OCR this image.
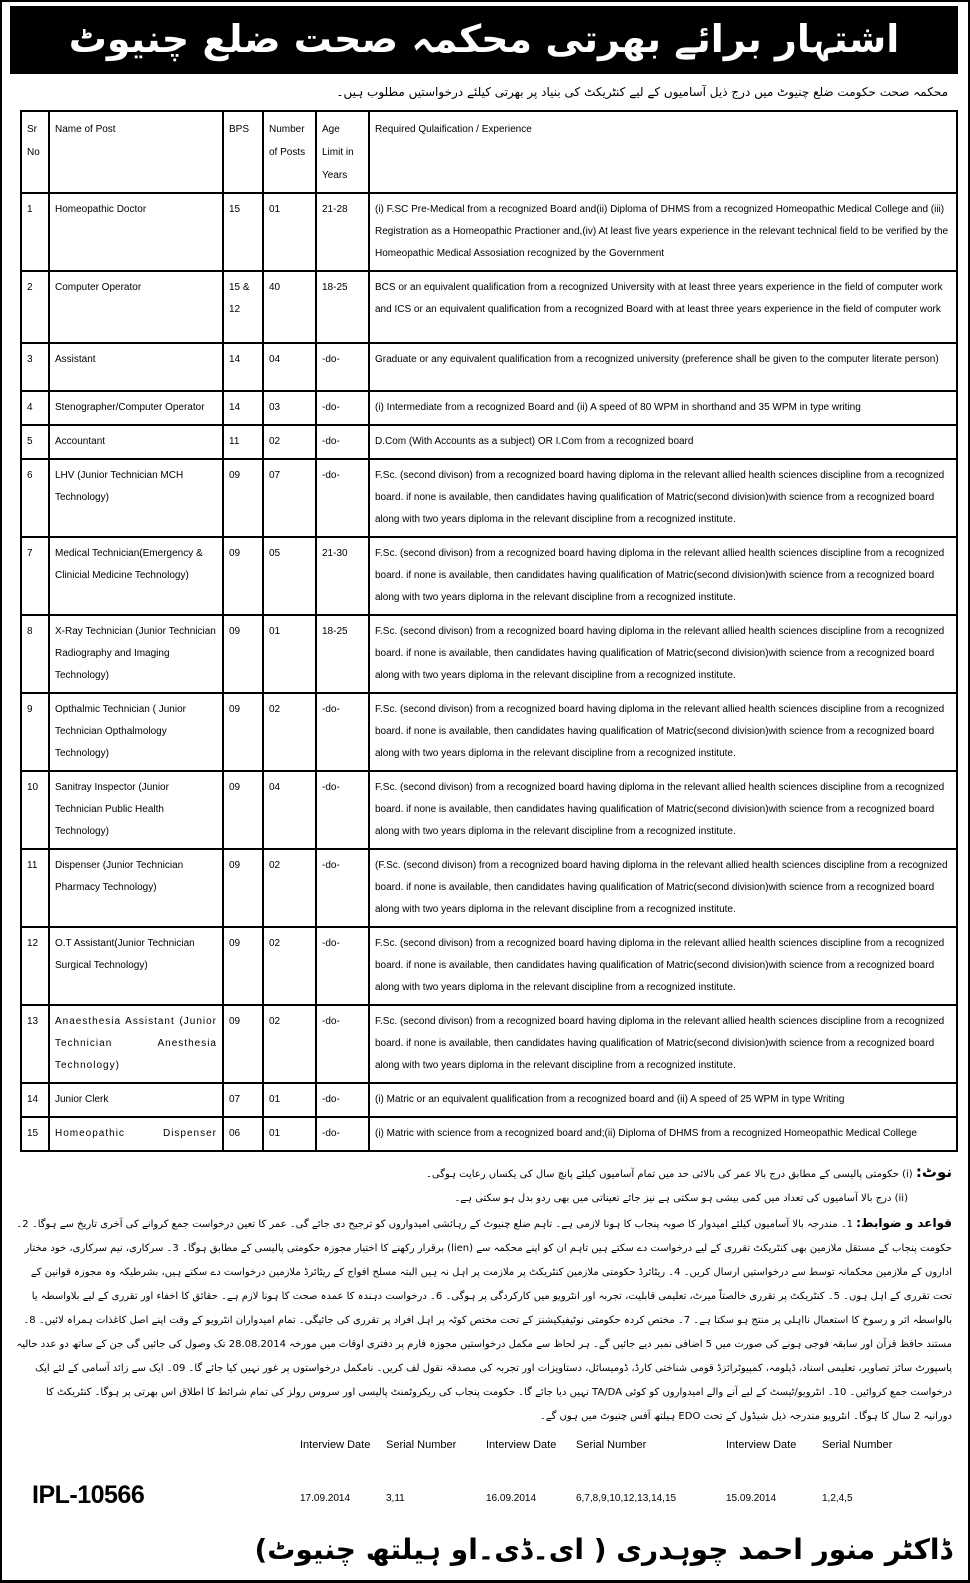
اشتہار برائے بھرتی محکمہ صحت ضلع چنیوٹ
محکمہ صحت حکومت ضلع چنیوٹ میں درج ذیل آسامیوں کے لیے کنٹریکٹ کی بنیاد پر بھرتی کیلئے درخواستیں مطلوب ہیں۔
Sr No	Name of Post	BPS	Number of Posts	Age Limit in Years	Required Qulaification / Experience
1	Homeopathic Doctor	15	01	21-28	(i) F.SC Pre-Medical from a recognized Board and(ii) Diploma of DHMS from a recognized Homeopathic Medical College and (iii) Registration as a Homeopathic Practioner and,(iv) At least five years experience in the relevant technical field to be verified by the Homeopathic Medical Assosiation recognized by the Government
2	Computer Operator	15 & 12	40	18-25	BCS or an equivalent qualification from a recognized University with at least three years experience in the field of computer work and ICS or an equivalent qualification from a recognized Board with at least three years experience in the field of computer work
3	Assistant	14	04	-do-	Graduate or any equivalent qualification from a recognized university (preference shall be given to the computer literate person)
4	Stenographer/Computer Operator	14	03	-do-	(i) Intermediate from a recognized Board and (ii) A speed of 80 WPM in shorthand and 35 WPM in type writing
5	Accountant	11	02	-do-	D.Com (With Accounts as a subject) OR I.Com from a recognized board
6	LHV (Junior Technician MCH Technology)	09	07	-do-	F.Sc. (second divison) from a recognized board having diploma in the relevant allied health sciences discipline from a recognized board. if none is available, then candidates having qualification of Matric(second division)with science from a recognized board along with two years diploma in the relevant discipline from a recognized institute.
7	Medical Technician(Emergency & Clinicial Medicine Technology)	09	05	21-30	F.Sc. (second divison) from a recognized board having diploma in the relevant allied health sciences discipline from a recognized board. if none is available, then candidates having qualification of Matric(second division)with science from a recognized board along with two years diploma in the relevant discipline from a recognized institute.
8	X-Ray Technician (Junior Technician Radiography and Imaging Technology)	09	01	18-25	F.Sc. (second divison) from a recognized board having diploma in the relevant allied health sciences discipline from a recognized board. if none is available, then candidates having qualification of Matric(second division)with science from a recognized board along with two years diploma in the relevant discipline from a recognized institute.
9	Opthalmic Technician ( Junior Technician Opthalmology Technology)	09	02	-do-	F.Sc. (second divison) from a recognized board having diploma in the relevant allied health sciences discipline from a recognized board. if none is available, then candidates having qualification of Matric(second division)with science from a recognized board along with two years diploma in the relevant discipline from a recognized institute.
10	Sanitray Inspector (Junior Technician Public Health Technology)	09	04	-do-	F.Sc. (second divison) from a recognized board having diploma in the relevant allied health sciences discipline from a recognized board. if none is available, then candidates having qualification of Matric(second division)with science from a recognized board along with two years diploma in the relevant discipline from a recognized institute.
11	Dispenser (Junior Technician Pharmacy Technology)	09	02	-do-	(F.Sc. (second divison) from a recognized board having diploma in the relevant allied health sciences discipline from a recognized board. if none is available, then candidates having qualification of Matric(second division)with science from a recognized board along with two years diploma in the relevant discipline from a recognized institute.
12	O.T Assistant(Junior Technician Surgical Technology)	09	02	-do-	F.Sc. (second divison) from a recognized board having diploma in the relevant allied health sciences discipline from a recognized board. if none is available, then candidates having qualification of Matric(second division)with science from a recognized board along with two years diploma in the relevant discipline from a recognized institute.
13	Anaesthesia Assistant (Junior Technician Anesthesia Technology)	09	02	-do-	F.Sc. (second divison) from a recognized board having diploma in the relevant allied health sciences discipline from a recognized board. if none is available, then candidates having qualification of Matric(second division)with science from a recognized board along with two years diploma in the relevant discipline from a recognized institute.
14	Junior Clerk	07	01	-do-	(i) Matric or an equivalent qualification from a recognized board and (ii) A speed of 25 WPM in type Writing
15	Homeopathic Dispenser	06	01	-do-	(i) Matric with science from a recognized board and;(ii) Diploma of DHMS from a recognized Homeopathic Medical College
نوٹ: (i) حکومتی پالیسی کے مطابق درج بالا عمر کی بالائی حد میں تمام آسامیوں کیلئے پانچ سال کی یکساں رعایت ہوگی۔
(ii) درج بالا آسامیوں کی تعداد میں کمی بیشی ہو سکتی ہے نیز جائے تعیناتی میں بھی ردو بدل ہو سکتی ہے۔
قواعد و ضوابط: 1۔ مندرجہ بالا آسامیوں کیلئے امیدوار کا صوبہ پنجاب کا ہونا لازمی ہے۔ تاہم ضلع چنیوٹ کے رہائشی امیدواروں کو ترجیح دی جائے گی۔ عمر کا تعین درخواست جمع کروانے کی آخری تاریخ سے ہوگا۔ 2۔ حکومت پنجاب کے مستقل ملازمین بھی کنٹریکٹ تقرری کے لیے درخواست دے سکتے ہیں تاہم ان کو اپنے محکمہ سے (lien) برقرار رکھنے کا اختیار مجوزہ حکومتی پالیسی کے مطابق ہوگا۔ 3۔ سرکاری، نیم سرکاری، خود مختار اداروں کے ملازمین محکمانہ توسط سے درخواستیں ارسال کریں۔ 4۔ ریٹائرڈ حکومتی ملازمین کنٹریکٹ پر ملازمت پر اہل نہ ہیں البتہ مسلح افواج کے ریٹائرڈ ملازمین درخواست دے سکتے ہیں، بشرطیکہ وہ مجوزہ قوانین کے تحت تقرری کے اہل ہوں۔ 5۔ کنٹریکٹ پر تقرری خالصتاً میرٹ، تعلیمی قابلیت، تجربہ اور انٹرویو میں کارکردگی پر ہوگی۔ 6۔ درخواست دہندہ کا عمدہ صحت کا ہونا لازم ہے۔ حقائق کا اخفاء اور تقرری کے لیے بلاواسطہ یا بالواسطہ اثر و رسوخ کا استعمال نااہلی پر منتج ہو سکتا ہے۔ 7۔ مختص کردہ حکومتی نوٹیفیکیشنز کے تحت مختص کوٹہ پر اہل افراد پر تقرری کی جائیگی۔ تمام امیدواران انٹرویو کے وقت اپنے اصل کاغذات ہمراہ لائیں۔ 8۔ مستند حافظ قرآن اور سابقہ فوجی ہونے کی صورت میں 5 اضافی نمبر دیے جائیں گے۔ ہر لحاظ سے مکمل درخواستیں مجوزہ فارم پر دفتری اوقات میں مورخہ 28.08.2014 تک وصول کی جائیں گی جن کے ساتھ دو عدد حالیہ پاسپورٹ سائز تصاویر، تعلیمی اسناد، ڈپلومہ، کمپیوٹرائزڈ قومی شناختی کارڈ، ڈومیسائل، دستاویزات اور تجربہ کی مصدقہ نقول لف کریں۔ نامکمل درخواستوں پر غور نہیں کیا جائے گا۔ 09۔ ایک سے زائد آسامی کے لئے ایک درخواست جمع کروائیں۔ 10۔ انٹرویو/ٹیسٹ کے لیے آنے والے امیدواروں کو کوئی TA/DA نہیں دیا جائے گا۔ حکومت پنجاب کی ریکروٹمنٹ پالیسی اور سروس رولز کی تمام شرائط کا اطلاق اس بھرتی پر ہوگا۔ کنٹریکٹ کا دورانیہ 2 سال کا ہوگا۔ انٹرویو مندرجہ ذیل شیڈول کے تحت EDO ہیلتھ آفس چنیوٹ میں ہوں گے۔
Interview Date	Serial Number	Interview Date	Serial Number	Interview Date	Serial Number
IPL-10566	17.09.2014	3,11	16.09.2014	6,7,8,9,10,12,13,14,15	15.09.2014	1,2,4,5
ڈاکٹر منور احمد چوہدری ( ای۔ڈی۔او ہیلتھ چنیوٹ)
